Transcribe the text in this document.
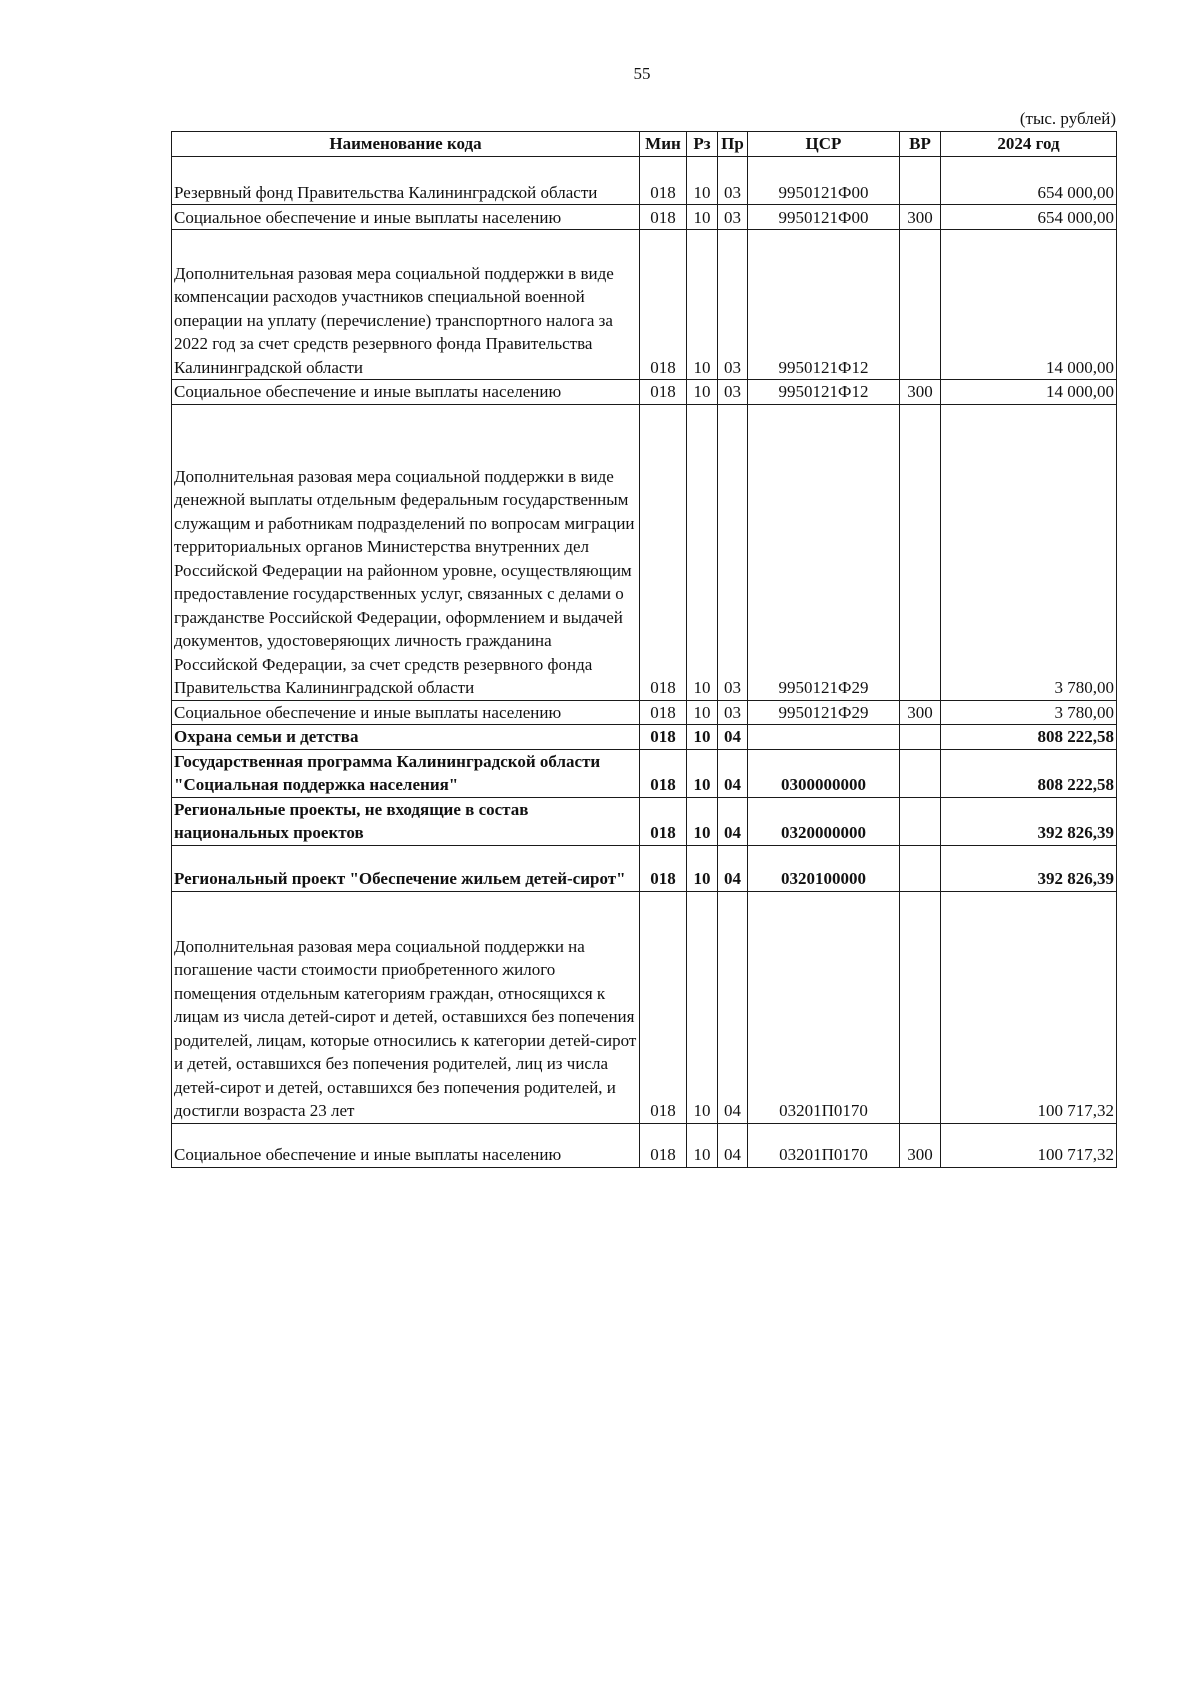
55
(тыс. рублей)
Наименование кода	Мин	Рз	Пр	ЦСР	ВР	2024 год
Резервный фонд Правительства Калининградской области	018	10	03	9950121Ф00		654 000,00
Социальное обеспечение и иные выплаты населению	018	10	03	9950121Ф00	300	654 000,00
Дополнительная разовая мера социальной поддержки в виде компенсации расходов участников специальной военной операции на уплату (перечисление) транспортного налога за 2022 год за счет средств резервного фонда Правительства Калининградской области	018	10	03	9950121Ф12		14 000,00
Социальное обеспечение и иные выплаты населению	018	10	03	9950121Ф12	300	14 000,00
Дополнительная разовая мера социальной поддержки в виде денежной выплаты отдельным федеральным государственным служащим и работникам подразделений по вопросам миграции территориальных органов Министерства внутренних дел Российской Федерации на районном уровне, осуществляющим предоставление государственных услуг, связанных с делами о гражданстве Российской Федерации, оформлением и выдачей документов, удостоверяющих личность гражданина Российской Федерации, за счет средств резервного фонда Правительства Калининградской области	018	10	03	9950121Ф29		3 780,00
Социальное обеспечение и иные выплаты населению	018	10	03	9950121Ф29	300	3 780,00
Охрана семьи и детства	018	10	04			808 222,58
Государственная программа Калининградской области "Социальная поддержка населения"	018	10	04	0300000000		808 222,58
Региональные проекты, не входящие в состав национальных проектов	018	10	04	0320000000		392 826,39
Региональный проект "Обеспечение жильем детей-сирот"	018	10	04	0320100000		392 826,39
Дополнительная разовая мера социальной поддержки на погашение части стоимости приобретенного жилого помещения отдельным категориям граждан, относящихся к лицам из числа детей-сирот и детей, оставшихся без попечения родителей, лицам, которые относились к категории детей-сирот и детей, оставшихся без попечения родителей, лиц из числа детей-сирот и детей, оставшихся без попечения родителей, и достигли возраста 23 лет	018	10	04	03201П0170		100 717,32
Социальное обеспечение и иные выплаты населению	018	10	04	03201П0170	300	100 717,32
